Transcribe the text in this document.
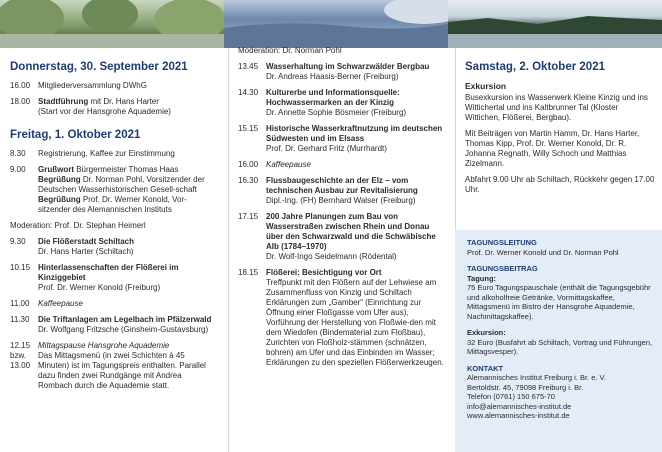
Donnerstag, 30. September 2021
16.00 Mitgliederversammlung DWhG
18.00 Stadtführung mit Dr. Hans Harter
(Start vor der Hansgrohe Aquademie)
Freitag, 1. Oktober 2021
8.30	Registrierung, Kaffee zur Einstimmung
9.00	Grußwort Bürgermeister Thomas Haas
Begrüßung Dr. Norman Pohl, Vorsitzender der Deutschen Wasserhistorischen Gesell-schaft
Begrüßung Prof. Dr. Werner Konold, Vor-sitzender des Alemannischen Instituts
Moderation: Prof. Dr. Stephan Heimerl
9.30	Die Flößerstadt Schiltach
Dr. Hans Harter (Schiltach)
10.15 Hinterlassenschaften der Flößerei im Kinziggebiet
Prof. Dr. Werner Konold (Freiburg)
11.00	Kaffeepause
11.30	Die Triftanlagen am Legelbach im Pfälzerwald
Dr. Wolfgang Fritzsche (Ginsheim-Gustavsburg)
12.15
bzw.
13.00
Mittagspause Hansgrohe Aquademie
Das Mittagsmenü (in zwei Schichten à 45 Minuten) ist im Tagungspreis enthalten. Parallel dazu finden zwei Rundgänge mit Andrea Rombach durch die Aquademie statt.
Moderation: Dr. Norman Pohl
13.45 Wasserhaltung im Schwarzwälder Bergbau
Dr. Andreas Haasis-Berner (Freiburg)
14.30 Kulturerbe und Informationsquelle: Hochwassermarken an der Kinzig
Dr. Annette Sophie Bösmeier (Freiburg)
15.15 Historische Wasserkraftnutzung im deutschen Südwesten und im Elsass
Prof. Dr. Gerhard Fritz (Murrhardt)
16.00 Kaffeepause
16.30 Flussbaugeschichte an der Elz – vom technischen Ausbau zur Revitalisierung
Dipl.-Ing. (FH) Bernhard Walser (Freiburg)
17.15 200 Jahre Planungen zum Bau von Wasserstraßen zwischen Rhein und Donau über den Schwarzwald und die Schwäbische Alb (1784–1970)
Dr. Wolf-Ingo Seidelmann (Rödental)
18.15 Flößerei: Besichtigung vor Ort
Treffpunkt mit den Flößern auf der Lehwiese am Zusammenfluss von Kinzig und Schiltach
Erklärungen zum „Gamber“ (Einrichtung zur Öffnung einer Floßgasse vom Ufer aus), Vorführung der Herstellung von Floßwie-den mit dem Wiedofen (Bindematerial zum Floßbau), Zurichten von Floßholz-stämmen (schnätzen, bohren) am Ufer und das Einbinden im Wasser; Erklärungen zu den speziellen Flößerwerkzeugen.
Samstag, 2. Oktober 2021
Exkursion
Busexkursion ins Wasserwerk Kleine Kinzig und ins Wittichertal und ins Kaltbrunner Tal (Kloster Wittichen, Flößerei, Bergbau).
Mit Beiträgen von Martin Hamm, Dr. Hans Harter, Thomas Kipp, Prof. Dr. Werner Konold, Dr. R. Johanna Regnath, Willy Schoch und Matthias Zizelmann.
Abfahrt 9.00 Uhr ab Schiltach, Rückkehr gegen 17.00 Uhr.
TAGUNGSLEITUNG
Prof. Dr. Werner Konold und Dr. Norman Pohl
TAGUNGSBEITRAG
Tagung:
75 Euro Tagungspauschale (enthält die Tagungsgebühr und alkoholfreie Getränke, Vormittagskaffee, Mittagsmenü im Bistro der Hansgrohe Aquademie, Nachmittagskaffee).
Exkursion:
32 Euro (Busfahrt ab Schiltach, Vortrag und Führungen, Mittagsvesper).
KONTAKT
Alemannisches Institut Freiburg i. Br. e. V.
Bertoldstr. 45, 79098 Freiburg i. Br.
Telefon (0761) 150 675-70
info@alemannisches-institut.de
www.alemannisches-institut.de
